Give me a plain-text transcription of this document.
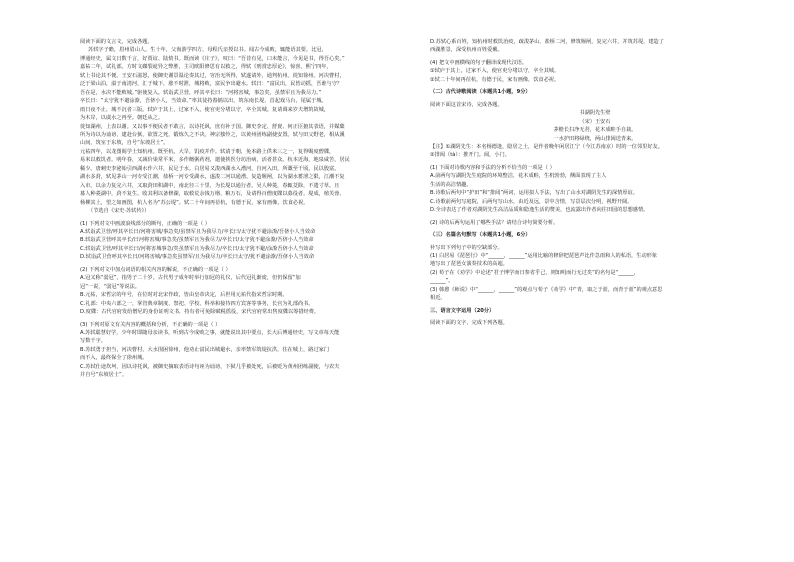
阅读下面的文言文，完成各题。
苏轼字子瞻，眉州眉山人。生十年，父洵游学四方，母程氏亲授以书。闻古今成败，辄能语其要。比冠，
博通经史，属文日数千言，好贾谊、陆贽书。既而读《庄子》，叹曰：“吾昔有见，口未能言，今见是书，得吾心矣。”
嘉祐二年，试礼部。方时文磔裂诡异之弊胜，主司欧阳修思有以救之，得轼《刑赏忠厚论》，惊喜。熙宁四年，
轼上书论其不便。王安石滋怒，使御史谢景温论奏其过，穷治无所得，轼遂请外，通判杭州。徙知徐州。河决曹村，
泛于梁山泊，溢于南清河，汇于城下，涨不时泄，城将败，富民争出避水。轼曰：“富民出，民皆动摇，吾谁与守？
吾在是，水决不能败城。”驱使复入。轼诣武卫营，呼其卒长曰：“河将害城，事急矣，虽禁军且为我尽力。”
卒长曰：“太守犹不避涂潦，吾侪小人，当效命。”率其徒持畚锸以出，筑东南长堤，首起戏马台，尾属于城。
雨日夜不止，城不沉者三版。轼庐于其上，过家不入，使官吏分堵以守，卒全其城。复请调来岁夫增筑故城，
为木岸，以虞水之再至。朝廷从之。
徙知湖州，上表以谢。又以事不便民者不敢言，以诗托讽，庶有补于国。御史李定、舒亶、何正臣摭其表语，并媒蘖
所为诗以为讪谤，逮赴台狱，欲置之死，锻炼久之不决。神宗独怜之，以黄州团练副使安置。轼与田父野老，相从溪
山间，筑室于东坡，自号“东坡居士”。
元祐四年，以龙图阁学士知杭州。既至杭，大旱，饥疫并作。轼请于朝，免本路上供米三之一，复得赐度僧牒，
易米以救饥者。明年春，又减价粜常平米，多作饘粥药剂，遣使挟医分坊治病，活者甚众。杭本近海，地泉咸苦，居民
稀少。唐刺史李泌始引西湖水作六井，民足于水。白居易又浚西湖水入漕河，自河入田，所溉至千顷，民以殷富。
湖水多葑，轼见茅山一河专受江潮，盐桥一河专受湖水，遂浚二河以通漕。复造堰闸，以为湖水蓄泄之限，江潮不复
入市。以余力复完六井，又取葑田积湖中，南北径三十里，为长堤以通行者。吴人种菱，春辄芟除，不遗寸草。且
募人种菱湖中，葑不复生。收其利以备修湖，取救荒余钱万缗、粮万石，及请得百僧度牒以募役者。堤成，植芙蓉、
杨柳其上，望之如画图，杭人名为“苏公堤”。轼二十年间再莅杭，有德于民，家有画像，饮食必祝。
（节选自《宋史·苏轼传》）
(1) 下列对文中画波浪线部分的断句，正确的一项是（ ）
A.轼诣武卫营/呼其卒长曰/河将害城/事急矣/虽禁军且为我尽力/卒长曰/太守犹不避涂潦/吾侪小人当效命
B.轼诣武卫营呼其卒长/曰河将害城/事急矣/虽禁军且为我尽力/卒长曰/太守犹不避涂潦/吾侪小人当效命
C.轼诣武卫营/呼其卒长曰/河将害城事急/矣虽禁军且为我尽力/卒长曰/太守犹不避/涂潦吾侪小人当效命
D.轼诣武卫营呼其卒长曰/河将害城/事急矣虽禁军/且为我尽力/卒长曰太守/犹不避涂潦/吾侪小人当效命
(2) 下列对文中加点词语的相关内容的解说，不正确的一项是（ ）
A.冠又称“弱冠”，指男子二十岁。古代男子成年时举行加冠的礼仪，后代冠礼渐废，但仍保留“加
冠”一说，“弱冠”等说法。
B.元祐，宋哲宗的年号，在位时对北宋作政，皆由皇帝决定，后世用元祐代指宋哲宗时期。
C.礼部：中央六部之一，掌管典章制度、祭祀、学校、科举和接待四方宾客等事务，长官为礼部尚书。
D.度牒：古代官府发给僧尼的身份证明文书，持有者可免除赋税徭役，宋代官府常出售度牒以筹措经费。
(3) 下列对原文有关内容的概括和分析，不正确的一项是（ ）
A.苏轼聪慧好学，少年时即随母亲读书，听到古今成败之事，就能说出其中要点，长大后博通经史，写文章每天能
写数千字。
B.苏轼勇于担当，河决曹村，大水围困徐州，他劝止富民出城避水，亲率禁军筑堤抗洪，住在城上，路过家门
而不入，最终保全了徐州城。
C.苏轼仕途坎坷，因以诗托讽，被御史摘取表语诗句诬为讪谤，下狱几乎被处死，后被贬为黄州团练副使，与农夫
并自号“东坡居士”。
D.苏轼心系百姓，知杭州时救饥治疫，疏浚茅山、盐桥二河，修筑堰闸，复完六井，并筑苏堤，建造了
西湖胜景，深受杭州百姓爱戴。
(4) 把文中画横线的句子翻译成现代汉语。
①轼庐于其上，过家不入，使官吏分堵以守，卒全其城。
②轼二十年间再莅杭，有德于民，家有画像，饮食必祝。
（二）古代诗歌阅读（本题共1小题，9分）
阅读下面这首宋诗，完成各题。
书湖阴先生壁
（宋）王安石
茅檐长扫净无苔，花木成畦手自栽。
一水护田将绿绕，两山排闼送青来。
【注】①湖阴先生：本名杨德逢，隐居之士，是作者晚年闲居江宁（今江苏南京）时的一位邻里好友。
②排闼（tà）：推开门。闼，小门。
(1) 下面对诗歌内容和手法的分析不恰当的一项是（ ）
A.前两句写湖阴先生庭院的环境整洁，花木成畦，生机勃勃，侧面表现了主人
生活的高洁情趣。
B.诗歌后两句中“护田”和“排闼”两词，运用拟人手法，写出了山水对湖阴先生的深情厚谊。
C.诗歌前两句写庭院，后两句写山水，由近及远，景中含情，写景层次分明，视野开阔。
D.全诗表达了作者对湖阴先生高洁品质和隐逸生活的赞美，也流露出作者向往田园的思想感情。
(2) 诗的后两句运用了哪些手法？请结合诗句简要分析。
（三）名篇名句默写（本题共1小题，6分）
补写出下列句子中的空缺部分。
(1) 白居易《琵琶行》中“______，______”运用比喻的修辞把琵琶声比作急雨和人的私语，生动形象
地写出了琵琶女演奏技术的高超。
(2) 荀子在《劝学》中论述“君子博学而日参省乎己，则知明而行无过矣”的名句是“______，
______”。
(3) 韩愈《师说》中“______，______”的观点与荀子《劝学》中“青，取之于蓝，而青于蓝”的观点意思
相近。
三、语言文字运用（20分）
阅读下面的文字，完成下列各题。
